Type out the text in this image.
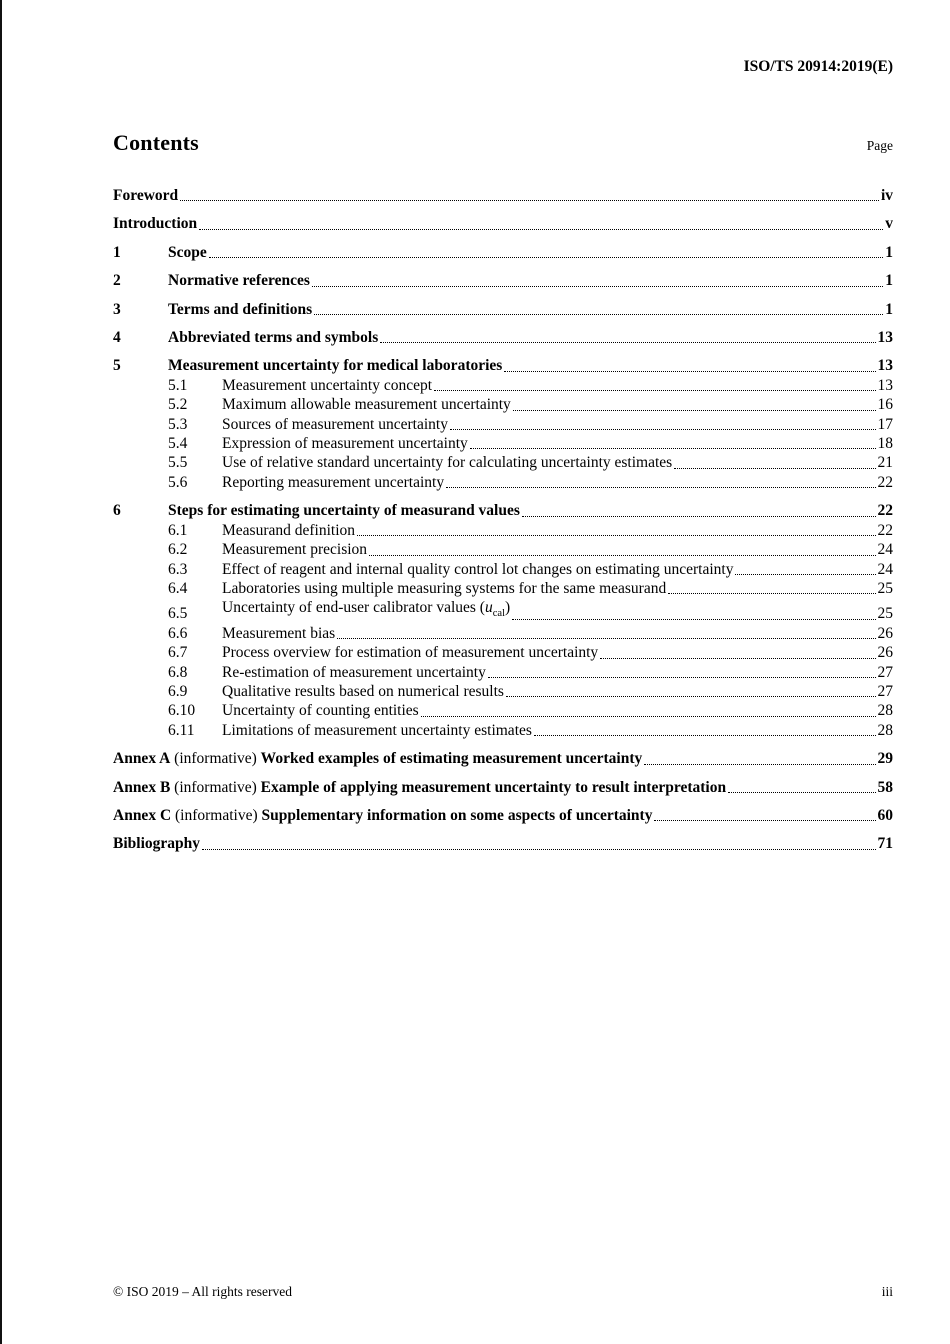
ISO/TS 20914:2019(E)
Contents	Page
Foreword	iv
Introduction	v
1	Scope	1
2	Normative references	1
3	Terms and definitions	1
4	Abbreviated terms and symbols	13
5	Measurement uncertainty for medical laboratories	13
5.1	Measurement uncertainty concept	13
5.2	Maximum allowable measurement uncertainty	16
5.3	Sources of measurement uncertainty	17
5.4	Expression of measurement uncertainty	18
5.5	Use of relative standard uncertainty for calculating uncertainty estimates	21
5.6	Reporting measurement uncertainty	22
6	Steps for estimating uncertainty of measurand values	22
6.1	Measurand definition	22
6.2	Measurement precision	24
6.3	Effect of reagent and internal quality control lot changes on estimating uncertainty	24
6.4	Laboratories using multiple measuring systems for the same measurand	25
6.5	Uncertainty of end-user calibrator values $(u_{cal})$	25
6.6	Measurement bias	26
6.7	Process overview for estimation of measurement uncertainty	26
6.8	Re-estimation of measurement uncertainty	27
6.9	Qualitative results based on numerical results	27
6.10	Uncertainty of counting entities	28
6.11	Limitations of measurement uncertainty estimates	28
Annex A (informative) Worked examples of estimating measurement uncertainty	29
Annex B (informative) Example of applying measurement uncertainty to result interpretation	58
Annex C (informative) Supplementary information on some aspects of uncertainty	60
Bibliography	71
© ISO 2019 – All rights reserved	iii
